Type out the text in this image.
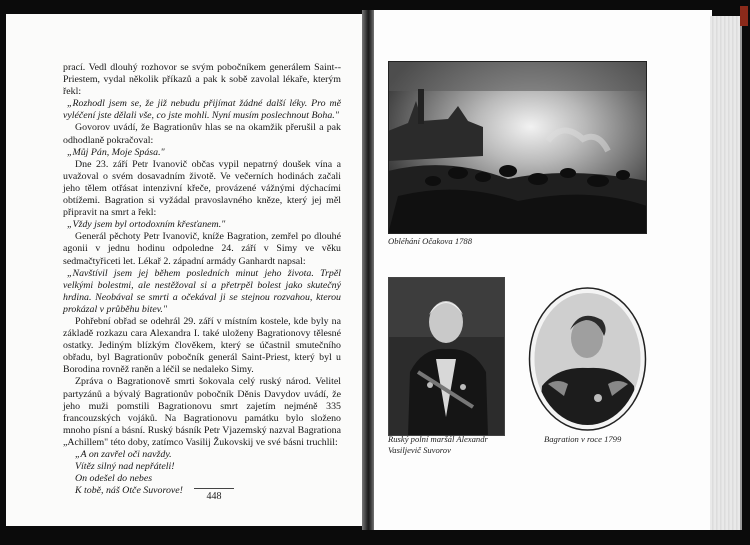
prací. Vedl dlouhý rozhovor se svým pobočníkem generálem Saint--Priestem, vydal několik příkazů a pak k sobě zavolal lékaře, kterým řekl:

„Rozhodl jsem se, že již nebudu přijímat žádné další léky. Pro mě vyléčení jste dělali vše, co jste mohli. Nyní musím poslechnout Boha."

Govorov uvádí, že Bagrationův hlas se na okamžik přerušil a pak odhodlaně pokračoval:

„Můj Pán, Moje Spása."

Dne 23. září Petr Ivanovič občas vypil nepatrný doušek vína a uvažoval o svém dosavadním životě. Ve večerních hodinách začali jeho tělem otřásat intenzivní křeče, provázené vážnými dýchacími obtížemi. Bagration si vyžádal pravoslavného kněze, který jej měl připravit na smrt a řekl:

„Vždy jsem byl ortodoxním křesťanem."

Generál pěchoty Petr Ivanovič, kníže Bagration, zemřel po dlouhé agonii v jednu hodinu odpoledne 24. září v Simy ve věku sedmačtyřiceti let. Lékař 2. západní armády Ganhardt napsal:

„Navštívil jsem jej během posledních minut jeho života. Trpěl velkými bolestmi, ale nestěžoval si a přetrpěl bolest jako skutečný hrdina. Neobával se smrti a očekával ji se stejnou rozvahou, kterou prokázal v průběhu bitev."

Pohřební obřad se odehrál 29. září v místním kostele, kde byly na základě rozkazu cara Alexandra I. také uloženy Bagrationovy tělesné ostatky. Jediným blízkým člověkem, který se účastnil smutečního obřadu, byl Bagrationův pobočník generál Saint-Priest, který byl u Borodina rovněž raněn a léčil se nedaleko Simy.

Zpráva o Bagrationově smrti šokovala celý ruský národ. Velitel partyzánů a bývalý Bagrationův pobočník Děnis Davydov uvádí, že jeho muži pomstili Bagrationovu smrt zajetím nejméně 335 francouzských vojáků. Na Bagrationovu památku bylo složeno mnoho písní a básní. Ruský básník Petr Vjazemský nazval Bagrationa „Achillem" této doby, zatímco Vasilij Žukovskij ve své básni truchlil:

„A on zavřel oči navždy.

Vítěz silný nad nepřáteli!

On odešel do nebes

K tobě, náš Otče Suvorove!

448
Obléhání Očakova 1788
Ruský polní maršál Alexandr Vasiljevič Suvorov
Bagration v roce 1799
